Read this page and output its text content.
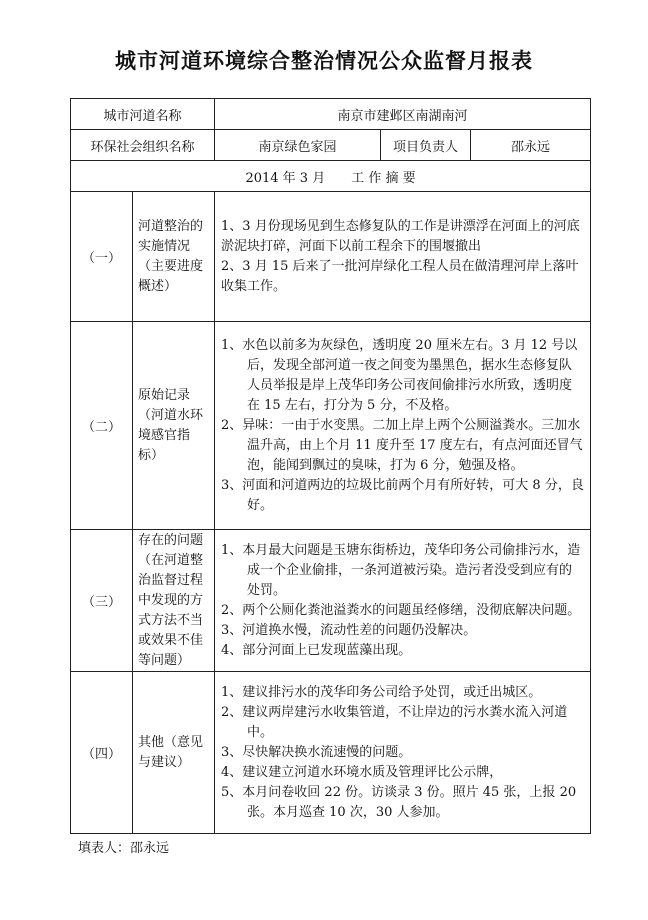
城市河道环境综合整治情况公众监督月报表
城市河道名称		南京市建邺区南湖南河		
环保社会组织名称		南京绿色家园	项目负责人	邵永远
2014 年 3 月　　工 作 摘 要				
（一）	河道整治的实施情况（主要进度概述）	1、3 月份现场见到生态修复队的工作是讲漂浮在河面上的河底淤泥块打碎，河面下以前工程余下的围堰撤出

2、3 月 15 后来了一批河岸绿化工程人员在做清理河岸上落叶收集工作。		

（二）	原始记录（河道水环境感官指标）	1、水色以前多为灰绿色，透明度 20 厘米左右。3 月 12 号以后，发现全部河道一夜之间变为墨黑色，据水生态修复队人员举报是岸上茂华印务公司夜间偷排污水所致，透明度在 15 左右，打分为 5 分，不及格。

2、异味：一由于水变黑。二加上岸上两个公厕溢粪水。三加水温升高，由上个月 11 度升至 17 度左右，有点河面还冒气泡，能闻到飘过的臭味，打为 6 分，勉强及格。

3、河面和河道两边的垃圾比前两个月有所好转，可大 8 分，良好。		

（三）	存在的问题（在河道整治监督过程中发现的方式方法不当或效果不佳等问题）	1、本月最大问题是玉塘东街桥边，茂华印务公司偷排污水，造成一个企业偷排，一条河道被污染。造污者没受到应有的处罚。

2、两个公厕化粪池溢粪水的问题虽经修缮，没彻底解决问题。

3、河道换水慢，流动性差的问题仍没解决。

4、部分河面上已发现蓝藻出现。		

（四）	其他（意见与建议）	1、建议排污水的茂华印务公司给予处罚，或迁出城区。

2、建议两岸建污水收集管道，不让岸边的污水粪水流入河道中。

3、尽快解决换水流速慢的问题。

4、建议建立河道水环境水质及管理评比公示牌，

5、本月问卷收回 22 份。访谈录 3 份。照片 45 张，上报 20 张。本月巡查 10 次，30 人参加。		

填表人：邵永远
